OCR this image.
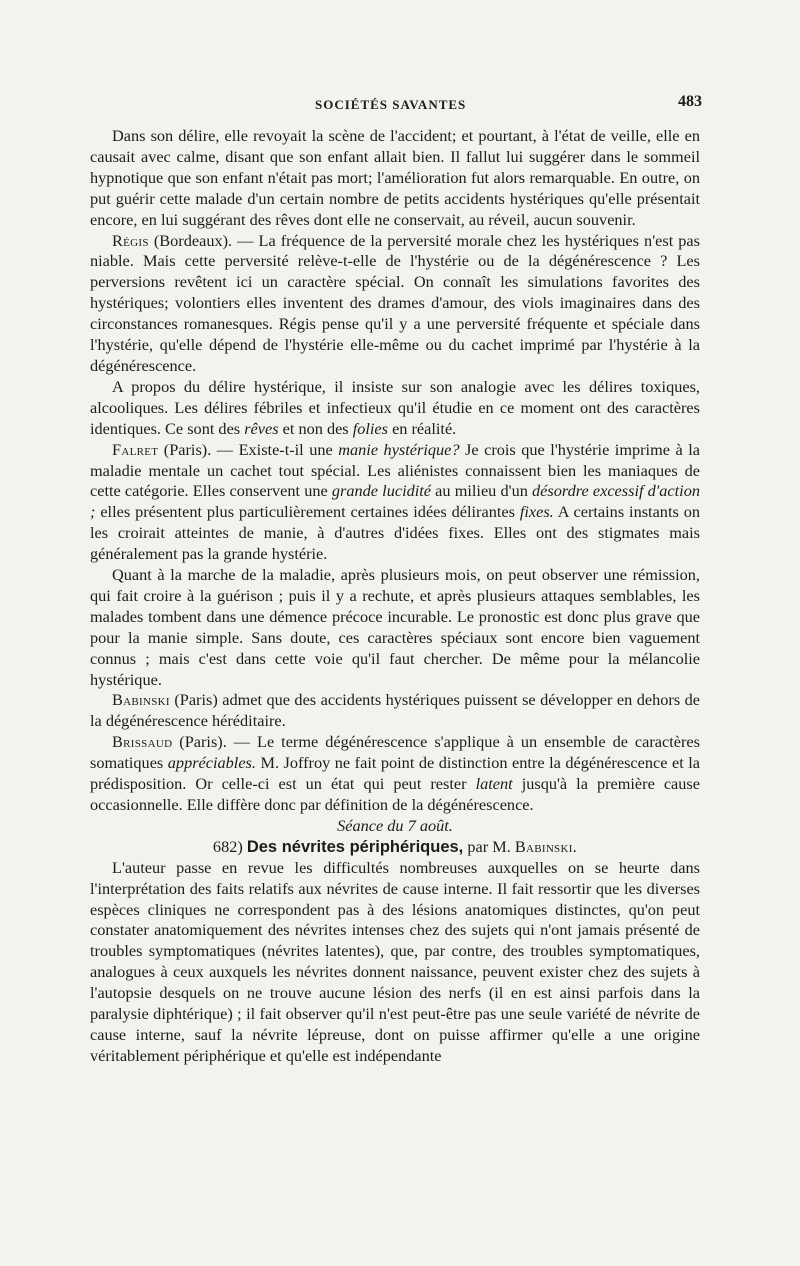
SOCIÉTÉS SAVANTES	483

Dans son délire, elle revoyait la scène de l'accident; et pourtant, à l'état de veille, elle en causait avec calme, disant que son enfant allait bien. Il fallut lui suggérer dans le sommeil hypnotique que son enfant n'était pas mort; l'amélioration fut alors remarquable. En outre, on put guérir cette malade d'un certain nombre de petits accidents hystériques qu'elle présentait encore, en lui suggérant des rêves dont elle ne conservait, au réveil, aucun souvenir.

Régis (Bordeaux). — La fréquence de la perversité morale chez les hystériques n'est pas niable. Mais cette perversité relève-t-elle de l'hystérie ou de la dégénérescence ? Les perversions revêtent ici un caractère spécial. On connaît les simulations favorites des hystériques; volontiers elles inventent des drames d'amour, des viols imaginaires dans des circonstances romanesques. Régis pense qu'il y a une perversité fréquente et spéciale dans l'hystérie, qu'elle dépend de l'hystérie elle-même ou du cachet imprimé par l'hystérie à la dégénérescence.

A propos du délire hystérique, il insiste sur son analogie avec les délires toxiques, alcooliques. Les délires fébriles et infectieux qu'il étudie en ce moment ont des caractères identiques. Ce sont des rêves et non des folies en réalité.

Falret (Paris). — Existe-t-il une manie hystérique? Je crois que l'hystérie imprime à la maladie mentale un cachet tout spécial. Les aliénistes connaissent bien les maniaques de cette catégorie. Elles conservent une grande lucidité au milieu d'un désordre excessif d'action ; elles présentent plus particulièrement certaines idées délirantes fixes. A certains instants on les croirait atteintes de manie, à d'autres d'idées fixes. Elles ont des stigmates mais généralement pas la grande hystérie.

Quant à la marche de la maladie, après plusieurs mois, on peut observer une rémission, qui fait croire à la guérison ; puis il y a rechute, et après plusieurs attaques semblables, les malades tombent dans une démence précoce incurable. Le pronostic est donc plus grave que pour la manie simple. Sans doute, ces caractères spéciaux sont encore bien vaguement connus ; mais c'est dans cette voie qu'il faut chercher. De même pour la mélancolie hystérique.

Babinski (Paris) admet que des accidents hystériques puissent se développer en dehors de la dégénérescence héréditaire.

Brissaud (Paris). — Le terme dégénérescence s'applique à un ensemble de caractères somatiques appréciables. M. Joffroy ne fait point de distinction entre la dégénérescence et la prédisposition. Or celle-ci est un état qui peut rester latent jusqu'à la première cause occasionnelle. Elle diffère donc par définition de la dégénérescence.

Séance du 7 août.

682) Des névrites périphériques, par M. Babinski.

L'auteur passe en revue les difficultés nombreuses auxquelles on se heurte dans l'interprétation des faits relatifs aux névrites de cause interne. Il fait ressortir que les diverses espèces cliniques ne correspondent pas à des lésions anatomiques distinctes, qu'on peut constater anatomiquement des névrites intenses chez des sujets qui n'ont jamais présenté de troubles symptomatiques (névrites latentes), que, par contre, des troubles symptomatiques, analogues à ceux auxquels les névrites donnent naissance, peuvent exister chez des sujets à l'autopsie desquels on ne trouve aucune lésion des nerfs (il en est ainsi parfois dans la paralysie diphtérique) ; il fait observer qu'il n'est peut-être pas une seule variété de névrite de cause interne, sauf la névrite lépreuse, dont on puisse affirmer qu'elle a une origine véritablement périphérique et qu'elle est indépendante
